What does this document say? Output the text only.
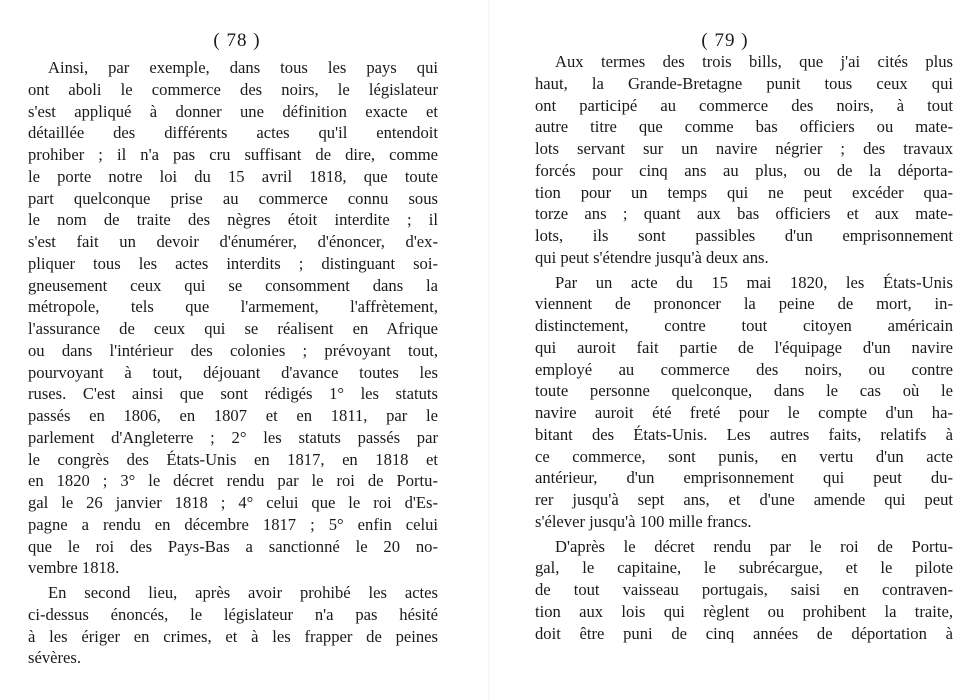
( 78 )
Ainsi, par exemple, dans tous les pays qui
ont aboli le commerce des noirs, le législateur
s'est appliqué à donner une définition exacte et
détaillée des différents actes qu'il entendoit
prohiber ; il n'a pas cru suffisant de dire, comme
le porte notre loi du 15 avril 1818, que toute
part quelconque prise au commerce connu sous
le nom de traite des nègres étoit interdite ; il
s'est fait un devoir d'énumérer, d'énoncer, d'ex-
pliquer tous les actes interdits ; distinguant soi-
gneusement ceux qui se consomment dans la
métropole, tels que l'armement, l'affrètement,
l'assurance de ceux qui se réalisent en Afrique
ou dans l'intérieur des colonies ; prévoyant tout,
pourvoyant à tout, déjouant d'avance toutes les
ruses. C'est ainsi que sont rédigés 1° les statuts
passés en 1806, en 1807 et en 1811, par le
parlement d'Angleterre ; 2° les statuts passés par
le congrès des États-Unis en 1817, en 1818 et
en 1820 ; 3° le décret rendu par le roi de Portu-
gal le 26 janvier 1818 ; 4° celui que le roi d'Es-
pagne a rendu en décembre 1817 ; 5° enfin celui
que le roi des Pays-Bas a sanctionné le 20 no-
vembre 1818.
En second lieu, après avoir prohibé les actes
ci-dessus énoncés, le législateur n'a pas hésité
à les ériger en crimes, et à les frapper de peines
sévères.
( 79 )
Aux termes des trois bills, que j'ai cités plus
haut, la Grande-Bretagne punit tous ceux qui
ont participé au commerce des noirs, à tout
autre titre que comme bas officiers ou mate-
lots servant sur un navire négrier ; des travaux
forcés pour cinq ans au plus, ou de la déporta-
tion pour un temps qui ne peut excéder qua-
torze ans ; quant aux bas officiers et aux mate-
lots, ils sont passibles d'un emprisonnement
qui peut s'étendre jusqu'à deux ans.
Par un acte du 15 mai 1820, les États-Unis
viennent de prononcer la peine de mort, in-
distinctement, contre tout citoyen américain
qui auroit fait partie de l'équipage d'un navire
employé au commerce des noirs, ou contre
toute personne quelconque, dans le cas où le
navire auroit été freté pour le compte d'un ha-
bitant des États-Unis. Les autres faits, relatifs à
ce commerce, sont punis, en vertu d'un acte
antérieur, d'un emprisonnement qui peut du-
rer jusqu'à sept ans, et d'une amende qui peut
s'élever jusqu'à 100 mille francs.
D'après le décret rendu par le roi de Portu-
gal, le capitaine, le subrécargue, et le pilote
de tout vaisseau portugais, saisi en contraven-
tion aux lois qui règlent ou prohibent la traite,
doit être puni de cinq années de déportation à
